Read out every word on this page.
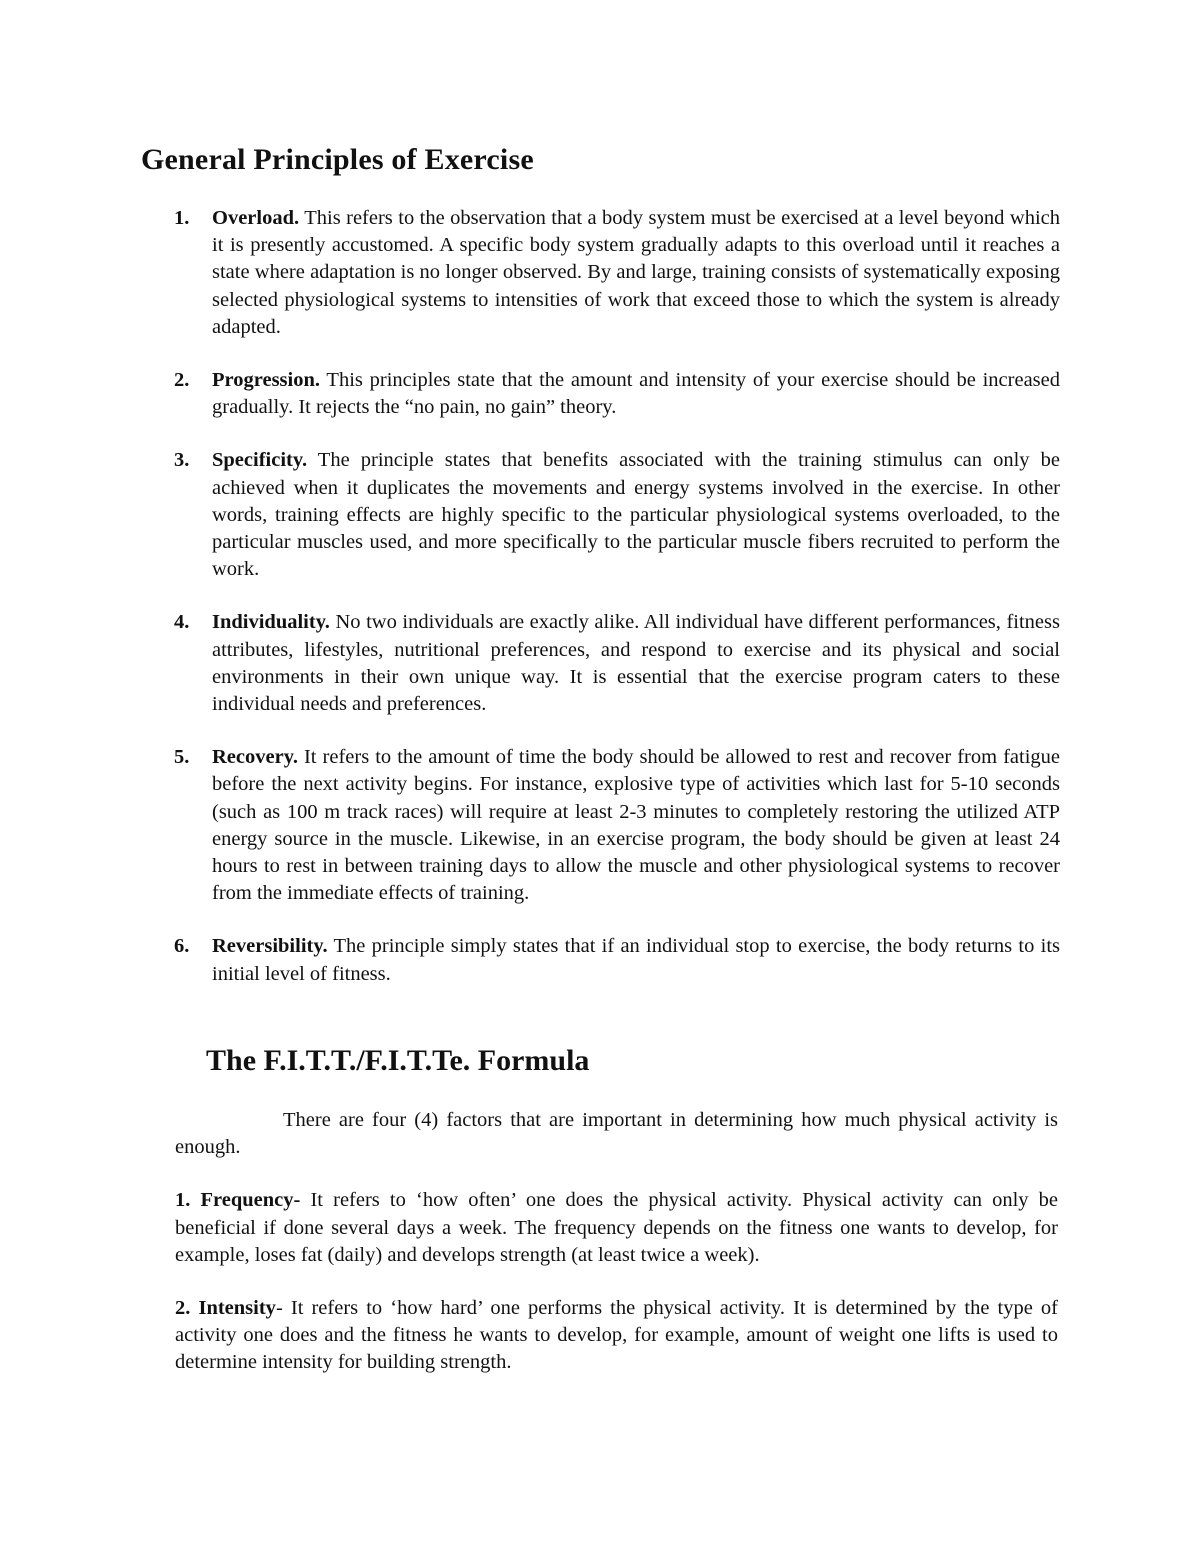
General Principles of Exercise
1. Overload. This refers to the observation that a body system must be exercised at a level beyond which it is presently accustomed. A specific body system gradually adapts to this overload until it reaches a state where adaptation is no longer observed. By and large, training consists of systematically exposing selected physiological systems to intensities of work that exceed those to which the system is already adapted.
2. Progression. This principles state that the amount and intensity of your exercise should be increased gradually. It rejects the “no pain, no gain” theory.
3. Specificity. The principle states that benefits associated with the training stimulus can only be achieved when it duplicates the movements and energy systems involved in the exercise. In other words, training effects are highly specific to the particular physiological systems overloaded, to the particular muscles used, and more specifically to the particular muscle fibers recruited to perform the work.
4. Individuality. No two individuals are exactly alike. All individual have different performances, fitness attributes, lifestyles, nutritional preferences, and respond to exercise and its physical and social environments in their own unique way. It is essential that the exercise program caters to these individual needs and preferences.
5. Recovery. It refers to the amount of time the body should be allowed to rest and recover from fatigue before the next activity begins. For instance, explosive type of activities which last for 5-10 seconds (such as 100 m track races) will require at least 2-3 minutes to completely restoring the utilized ATP energy source in the muscle. Likewise, in an exercise program, the body should be given at least 24 hours to rest in between training days to allow the muscle and other physiological systems to recover from the immediate effects of training.
6. Reversibility. The principle simply states that if an individual stop to exercise, the body returns to its initial level of fitness.
The F.I.T.T./F.I.T.Te. Formula

There are four (4) factors that are important in determining how much physical activity is enough.

1. Frequency- It refers to ‘how often’ one does the physical activity. Physical activity can only be beneficial if done several days a week. The frequency depends on the fitness one wants to develop, for example, loses fat (daily) and develops strength (at least twice a week).

2. Intensity- It refers to ‘how hard’ one performs the physical activity. It is determined by the type of activity one does and the fitness he wants to develop, for example, amount of weight one lifts is used to determine intensity for building strength.
